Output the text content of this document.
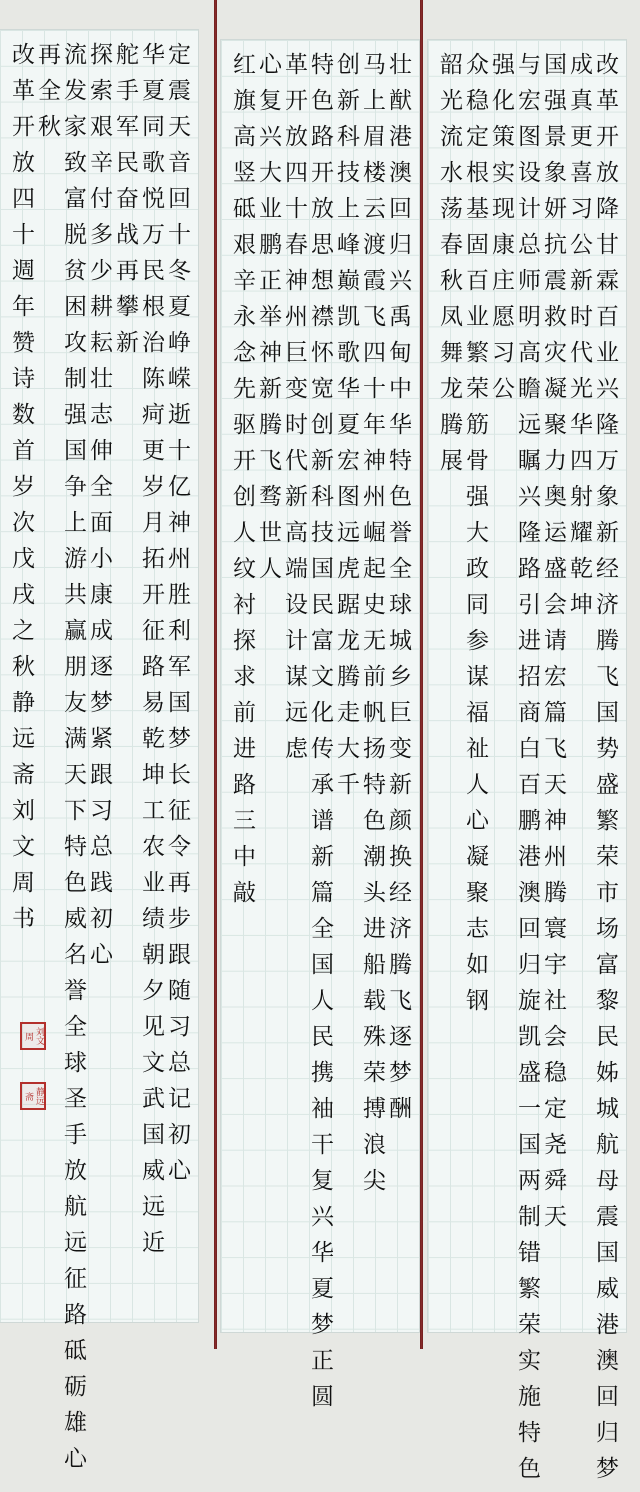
定震天音回十冬夏峥嵘逝十亿神州胜利军国梦长征令再步跟随习总记初心
华夏同歌悦万民根治陈疴更岁月拓开征路易乾坤工农业绩朝夕见文武国威远近
舵手军民奋战再攀新
探索艰辛付多少耕耘壮志伸全面小康成逐梦紧跟习总践初心
流发家致富脱贫困攻制强国争上游共赢朋友满天下特色威名誉全球圣手放航远征路砥砺雄心
再全秋
改革开放四十週年赞诗数首岁次戊戌之秋静远斋刘文周书
刘文周
静远斋	壮猷港澳回归兴禹甸中华特色誉全球城乡巨变新颜换经济腾飞逐梦酬
马上眉楼云渡霞飞四十年神州崛起史无前帆扬特色潮头进船载殊荣搏浪尖
创新科技上峰巅凯歌华夏宏图远虎踞龙腾走大千
特色路开放思想襟怀宽创新科技国民富文化传承谱新篇全国人民携袖干复兴华夏梦正圆
革开放四十春神州巨变时代新高端设计谋远虑
心复兴大业鹏正举神新腾飞骛世人
红旗高竖砥艰辛永念先驱开创人纹衬探求前进路三中敲	改革开放降甘霖百业兴隆万象新经济腾飞国势盛繁荣市场富黎民姊城航母震国威港澳回归梦
成真更喜习公新时代光华四射耀乾坤
国强景象妍抗震救灾凝聚力奥运盛会请宏篇飞天神州腾寰宇社会稳定尧舜天
与宏图设计总师明高瞻远瞩兴隆路引进招商白百鹏港澳回归旋凯盛一国两制错繁荣实施特色
强化策实现康庄愿习公
众稳定根基固百业繁荣筋骨强大政同参谋福祉人心凝聚志如钢
韶光流水荡春秋凤舞龙腾展
